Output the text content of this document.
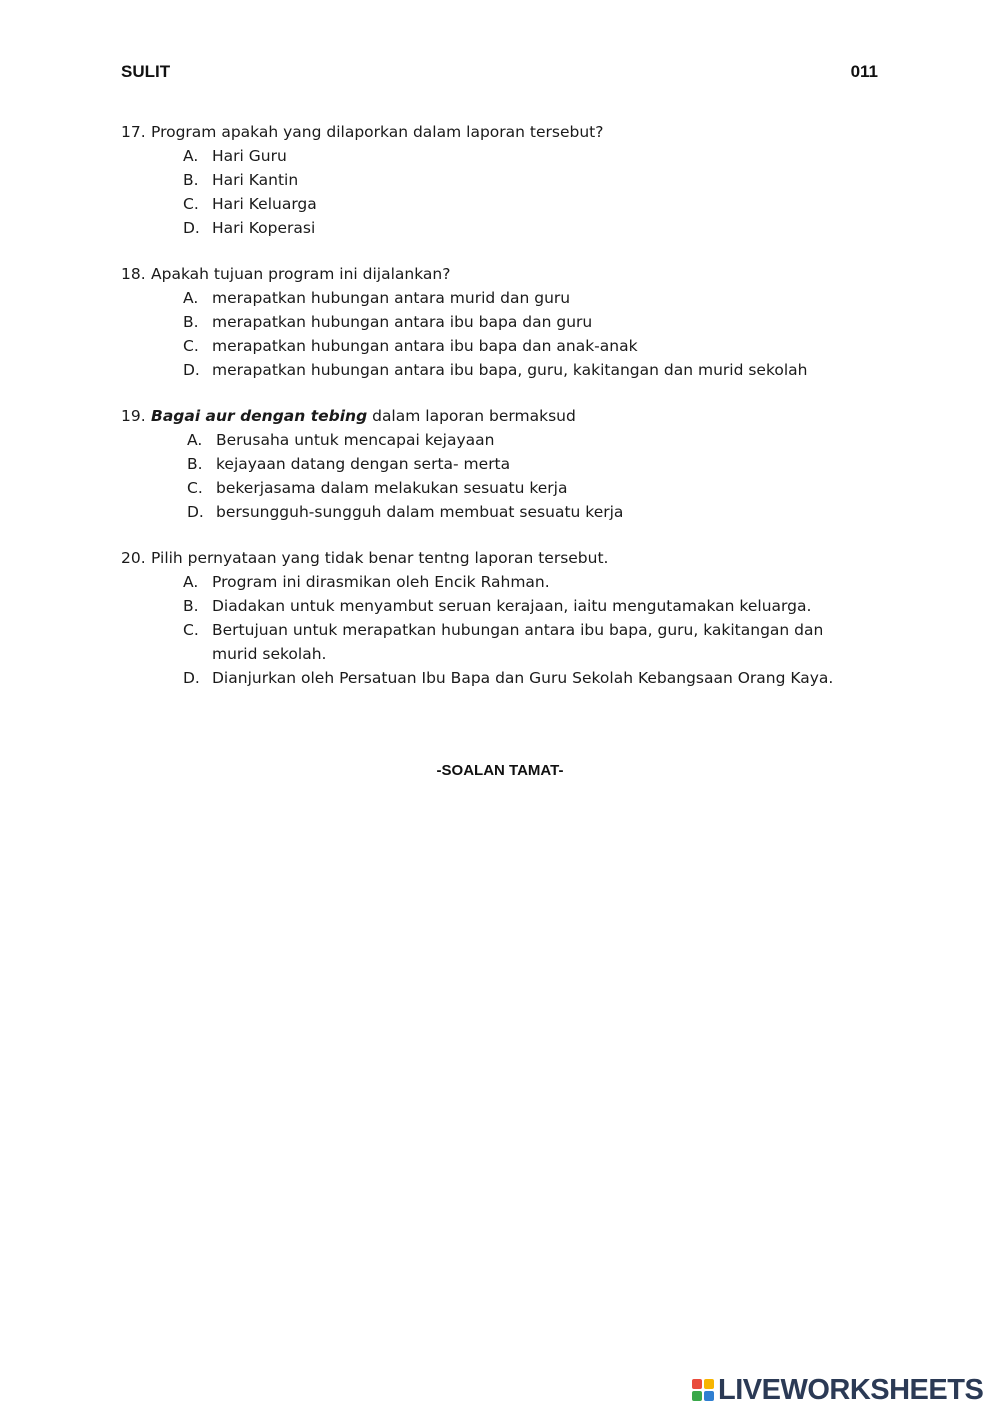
SULIT	011
17. Program apakah yang dilaporkan dalam laporan tersebut?
A. Hari Guru
B. Hari Kantin
C. Hari Keluarga
D. Hari Koperasi
18. Apakah tujuan program ini dijalankan?
A. merapatkan hubungan antara murid dan guru
B. merapatkan hubungan antara ibu bapa dan guru
C. merapatkan hubungan antara ibu bapa dan anak-anak
D. merapatkan hubungan antara ibu bapa, guru, kakitangan dan murid sekolah
19. Bagai aur dengan tebing dalam laporan bermaksud
A. Berusaha untuk mencapai kejayaan
B. kejayaan datang dengan serta- merta
C. bekerjasama dalam melakukan sesuatu kerja
D. bersungguh-sungguh dalam membuat sesuatu kerja
20. Pilih pernyataan yang tidak benar tentng laporan tersebut.
A. Program ini dirasmikan oleh Encik Rahman.
B. Diadakan untuk menyambut seruan kerajaan, iaitu mengutamakan keluarga.
C. Bertujuan untuk merapatkan hubungan antara ibu bapa, guru, kakitangan dan
murid sekolah.
D. Dianjurkan oleh Persatuan Ibu Bapa dan Guru Sekolah Kebangsaan Orang Kaya.
-SOALAN TAMAT-
LIVEWORKSHEETS
